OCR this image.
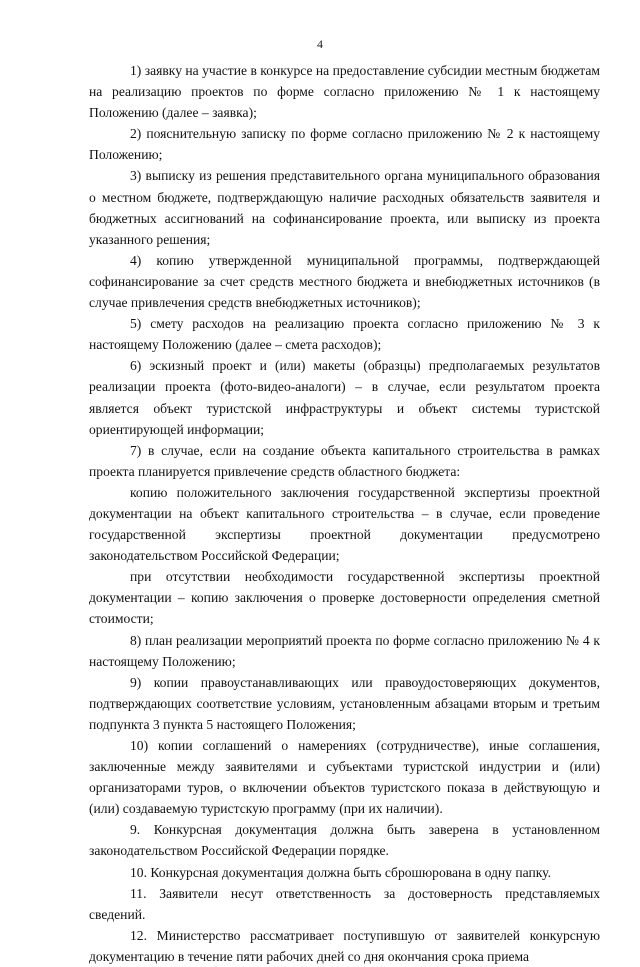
4

1) заявку на участие в конкурсе на предоставление субсидии местным бюджетам на реализацию проектов по форме согласно приложению № 1 к настоящему Положению (далее – заявка);

2) пояснительную записку по форме согласно приложению № 2 к настоящему Положению;

3) выписку из решения представительного органа муниципального образования о местном бюджете, подтверждающую наличие расходных обязательств заявителя и бюджетных ассигнований на софинансирование проекта, или выписку из проекта указанного решения;

4) копию утвержденной муниципальной программы, подтверждающей софинансирование за счет средств местного бюджета и внебюджетных источников (в случае привлечения средств внебюджетных источников);

5) смету расходов на реализацию проекта согласно приложению № 3 к настоящему Положению (далее – смета расходов);

6) эскизный проект и (или) макеты (образцы) предполагаемых результатов реализации проекта (фото-видео-аналоги) – в случае, если результатом проекта является объект туристской инфраструктуры и объект системы туристской ориентирующей информации;

7) в случае, если на создание объекта капитального строительства в рамках проекта планируется привлечение средств областного бюджета:

копию положительного заключения государственной экспертизы проектной документации на объект капитального строительства – в случае, если проведение государственной экспертизы проектной документации предусмотрено законодательством Российской Федерации;

при отсутствии необходимости государственной экспертизы проектной документации – копию заключения о проверке достоверности определения сметной стоимости;

8) план реализации мероприятий проекта по форме согласно приложению № 4 к настоящему Положению;

9) копии правоустанавливающих или правоудостоверяющих документов, подтверждающих соответствие условиям, установленным абзацами вторым и третьим подпункта 3 пункта 5 настоящего Положения;

10) копии соглашений о намерениях (сотрудничестве), иные соглашения, заключенные между заявителями и субъектами туристской индустрии и (или) организаторами туров, о включении объектов туристского показа в действующую и (или) создаваемую туристскую программу (при их наличии).

9. Конкурсная документация должна быть заверена в установленном законодательством Российской Федерации порядке.

10. Конкурсная документация должна быть сброшюрована в одну папку.

11. Заявители несут ответственность за достоверность представляемых сведений.

12. Министерство рассматривает поступившую от заявителей конкурсную документацию в течение пяти рабочих дней со дня окончания срока приема
